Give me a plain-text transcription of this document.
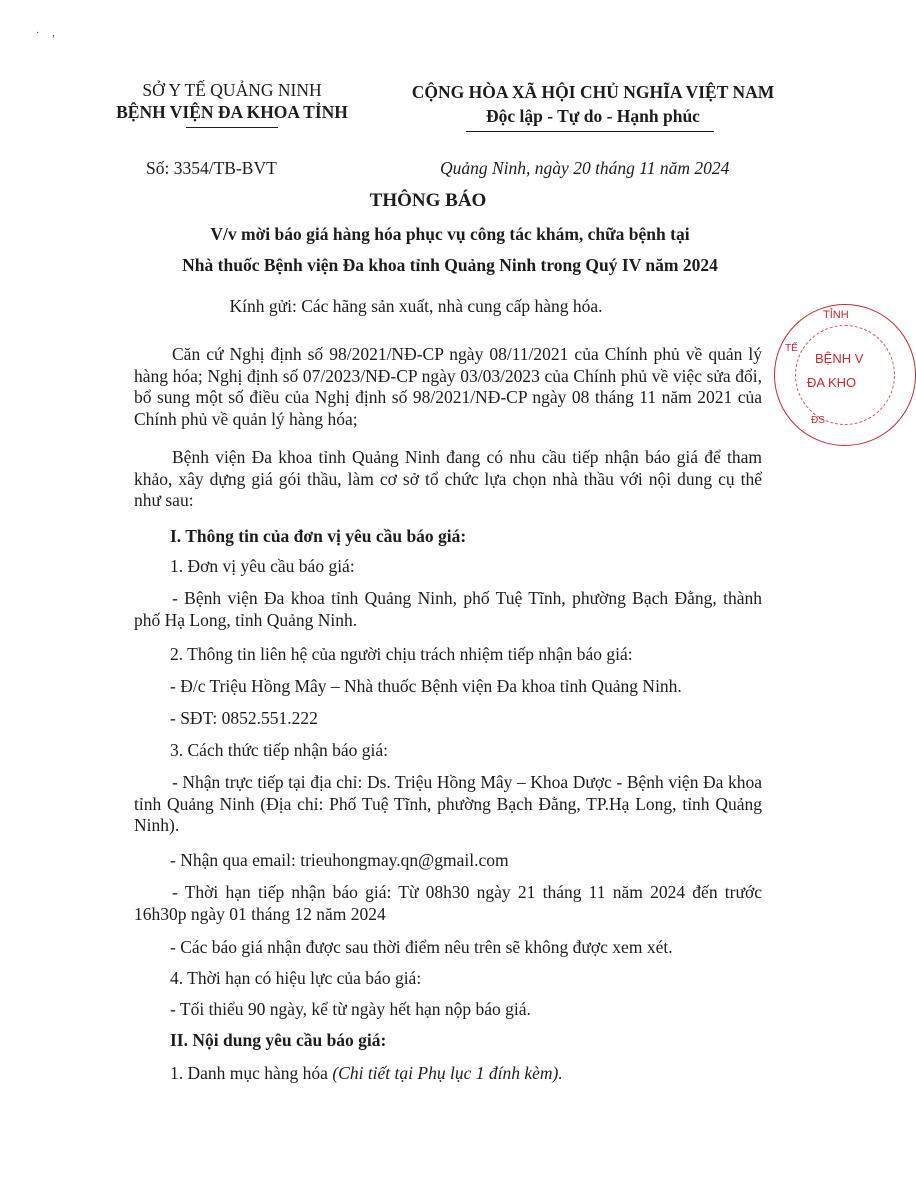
·     ‚
SỞ Y TẾ QUẢNG NINH
BỆNH VIỆN ĐA KHOA TỈNH
CỘNG HÒA XÃ HỘI CHỦ NGHĨA VIỆT NAM
Độc lập - Tự do - Hạnh phúc
Số: 3354/TB-BVT	Quảng Ninh, ngày 20 tháng 11 năm 2024
THÔNG BÁO
V/v mời báo giá hàng hóa phục vụ công tác khám, chữa bệnh tại
Nhà thuốc Bệnh viện Đa khoa tỉnh Quảng Ninh trong Quý IV năm 2024
Kính gửi: Các hãng sản xuất, nhà cung cấp hàng hóa.
Căn cứ Nghị định số 98/2021/NĐ-CP ngày 08/11/2021 của Chính phủ về quản lý hàng hóa; Nghị định số 07/2023/NĐ-CP ngày 03/03/2023 của Chính phủ về việc sửa đổi, bổ sung một số điều của Nghị định số 98/2021/NĐ-CP ngày 08 tháng 11 năm 2021 của Chính phủ về quản lý hàng hóa;
Bệnh viện Đa khoa tỉnh Quảng Ninh đang có nhu cầu tiếp nhận báo giá để tham khảo, xây dựng giá gói thầu, làm cơ sở tổ chức lựa chọn nhà thầu với nội dung cụ thể như sau:
I. Thông tin của đơn vị yêu cầu báo giá:
1. Đơn vị yêu cầu báo giá:
- Bệnh viện Đa khoa tỉnh Quảng Ninh, phố Tuệ Tĩnh, phường Bạch Đằng, thành phố Hạ Long, tỉnh Quảng Ninh.
2. Thông tin liên hệ của người chịu trách nhiệm tiếp nhận báo giá:
- Đ/c Triệu Hồng Mây – Nhà thuốc Bệnh viện Đa khoa tỉnh Quảng Ninh.
- SĐT: 0852.551.222
3. Cách thức tiếp nhận báo giá:
- Nhận trực tiếp tại địa chỉ: Ds. Triệu Hồng Mây – Khoa Dược - Bệnh viện Đa khoa tỉnh Quảng Ninh (Địa chỉ: Phố Tuệ Tĩnh, phường Bạch Đằng, TP.Hạ Long, tỉnh Quảng Ninh).
- Nhận qua email: trieuhongmay.qn@gmail.com
- Thời hạn tiếp nhận báo giá: Từ 08h30 ngày 21 tháng 11 năm 2024 đến trước 16h30p ngày 01 tháng 12 năm 2024
- Các báo giá nhận được sau thời điểm nêu trên sẽ không được xem xét.
4. Thời hạn có hiệu lực của báo giá:
- Tối thiểu 90 ngày, kể từ ngày hết hạn nộp báo giá.
II. Nội dung yêu cầu báo giá:
1. Danh mục hàng hóa (Chi tiết tại Phụ lục 1 đính kèm).
TỈNH
BỆNH V
ĐA KHO
TẾ
ĐS
